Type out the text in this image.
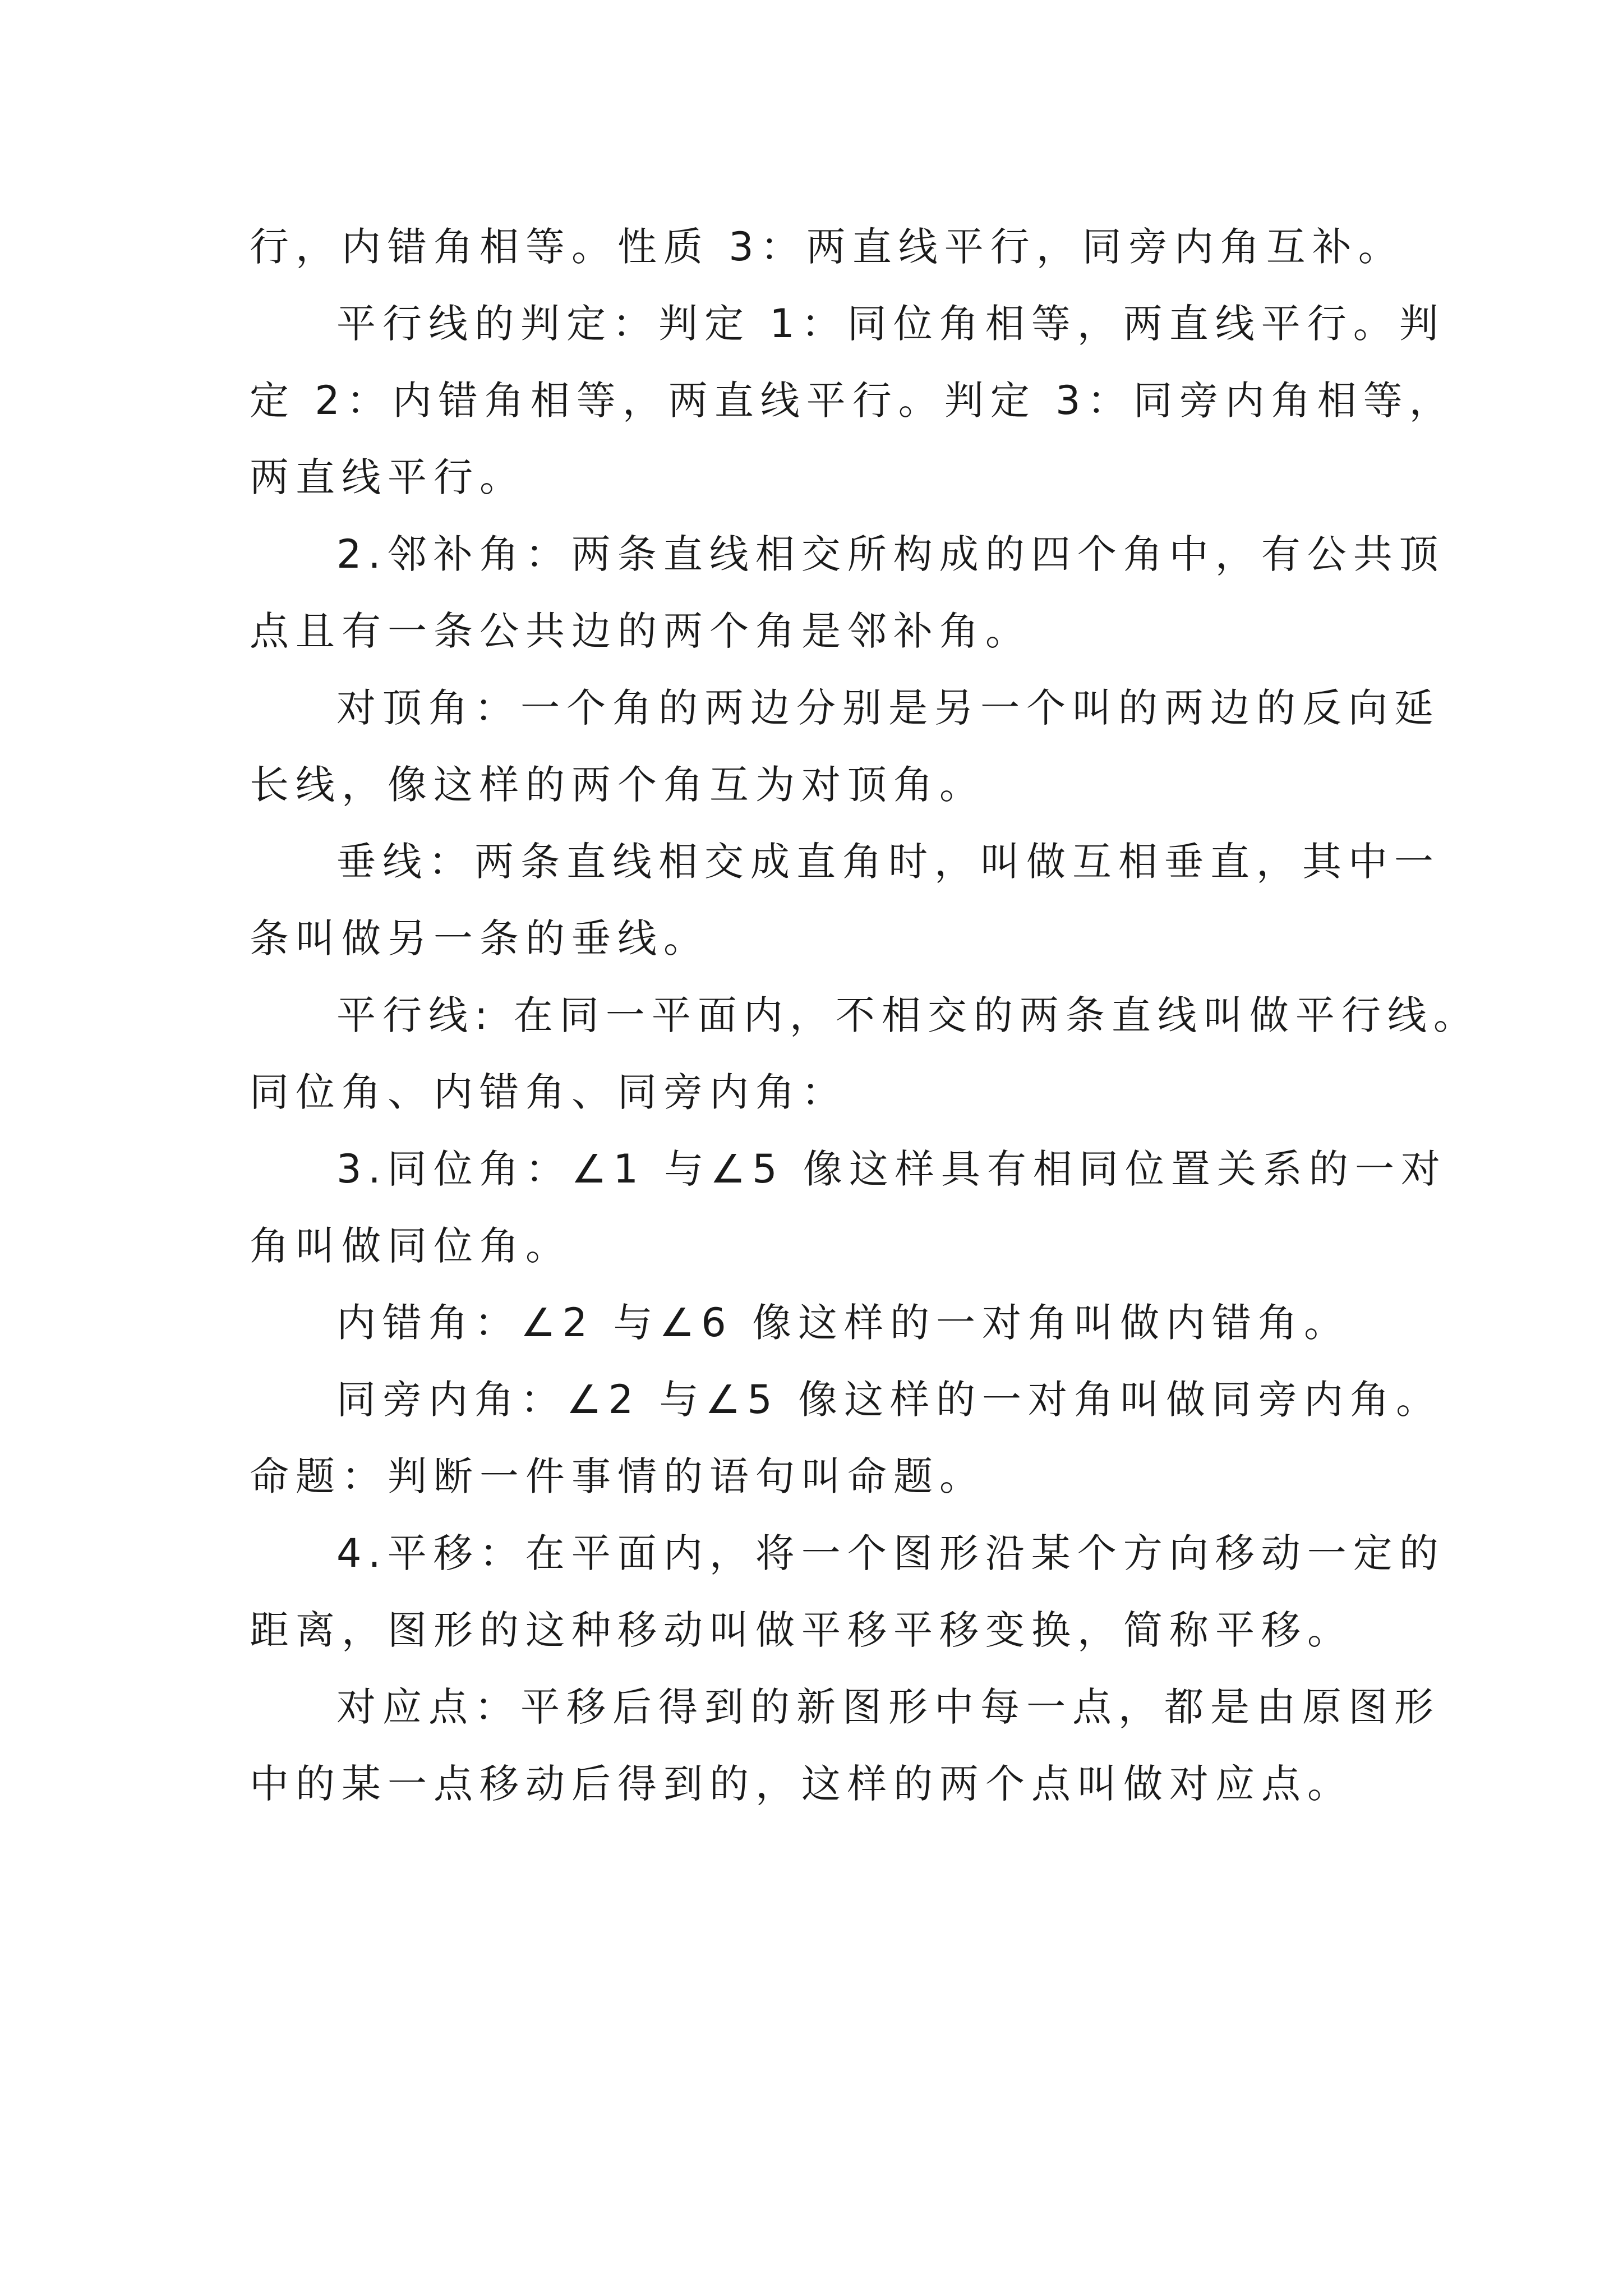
行，内错角相等。性质 3：两直线平行，同旁内角互补。
平行线的判定：判定 1：同位角相等，两直线平行。判
定 2：内错角相等，两直线平行。判定 3：同旁内角相等，
两直线平行。
2.邻补角：两条直线相交所构成的四个角中，有公共顶
点且有一条公共边的两个角是邻补角。
对顶角：一个角的两边分别是另一个叫的两边的反向延
长线，像这样的两个角互为对顶角。
垂线：两条直线相交成直角时，叫做互相垂直，其中一
条叫做另一条的垂线。
平行线: 在同一平面内，不相交的两条直线叫做平行线。
同位角、内错角、同旁内角：
3.同位角：∠1 与∠5 像这样具有相同位置关系的一对
角叫做同位角。
内错角：∠2 与∠6 像这样的一对角叫做内错角。
同旁内角：∠2 与∠5 像这样的一对角叫做同旁内角。
命题：判断一件事情的语句叫命题。
4.平移：在平面内，将一个图形沿某个方向移动一定的
距离，图形的这种移动叫做平移平移变换，简称平移。
对应点：平移后得到的新图形中每一点，都是由原图形
中的某一点移动后得到的，这样的两个点叫做对应点。
